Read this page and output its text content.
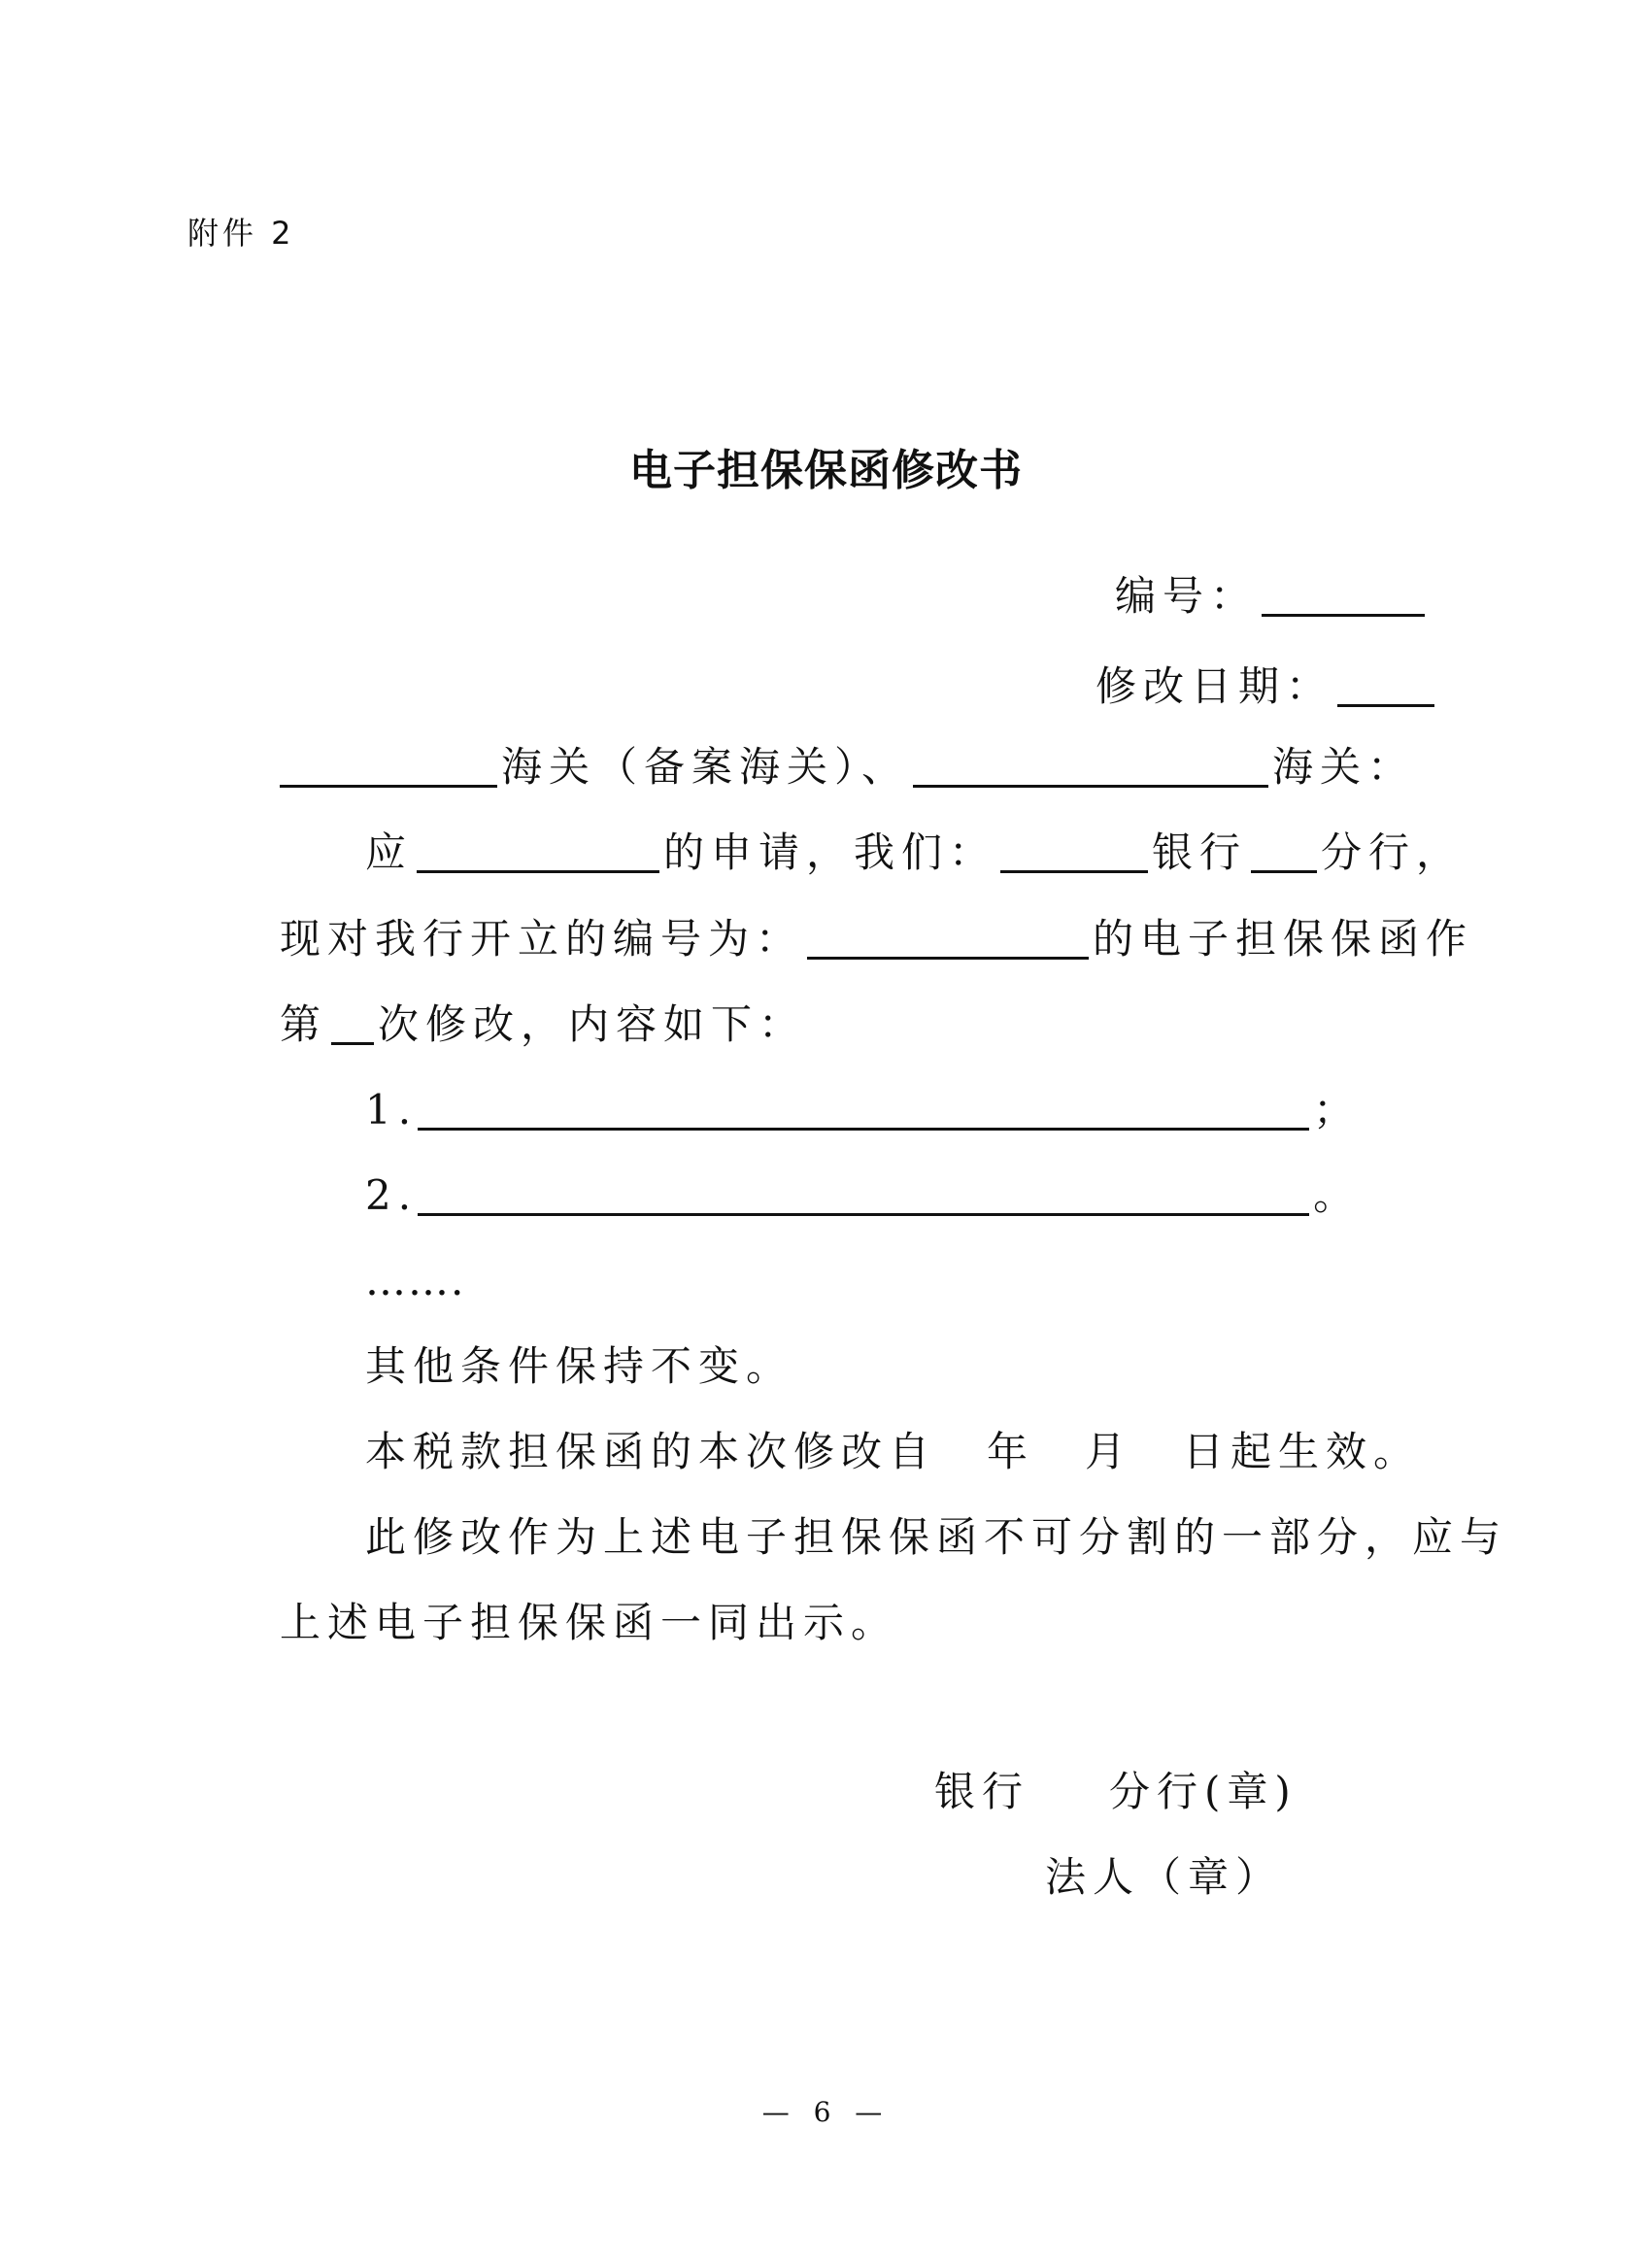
附件 2
电子担保保函修改书
编号：
修改日期：
海关（备案海关）、	海关：
应	的申请，我们：	银行 分行，
现对我行开立的编号为：	的电子担保保函作
第 次修改，内容如下：
1.	；
2.	。
…….
其他条件保持不变。
本税款担保函的本次修改自 年 月 日起生效。
此修改作为上述电子担保保函不可分割的一部分，应与
上述电子担保保函一同出示。
银行 分行(章)
法人（章）
— 6 —
